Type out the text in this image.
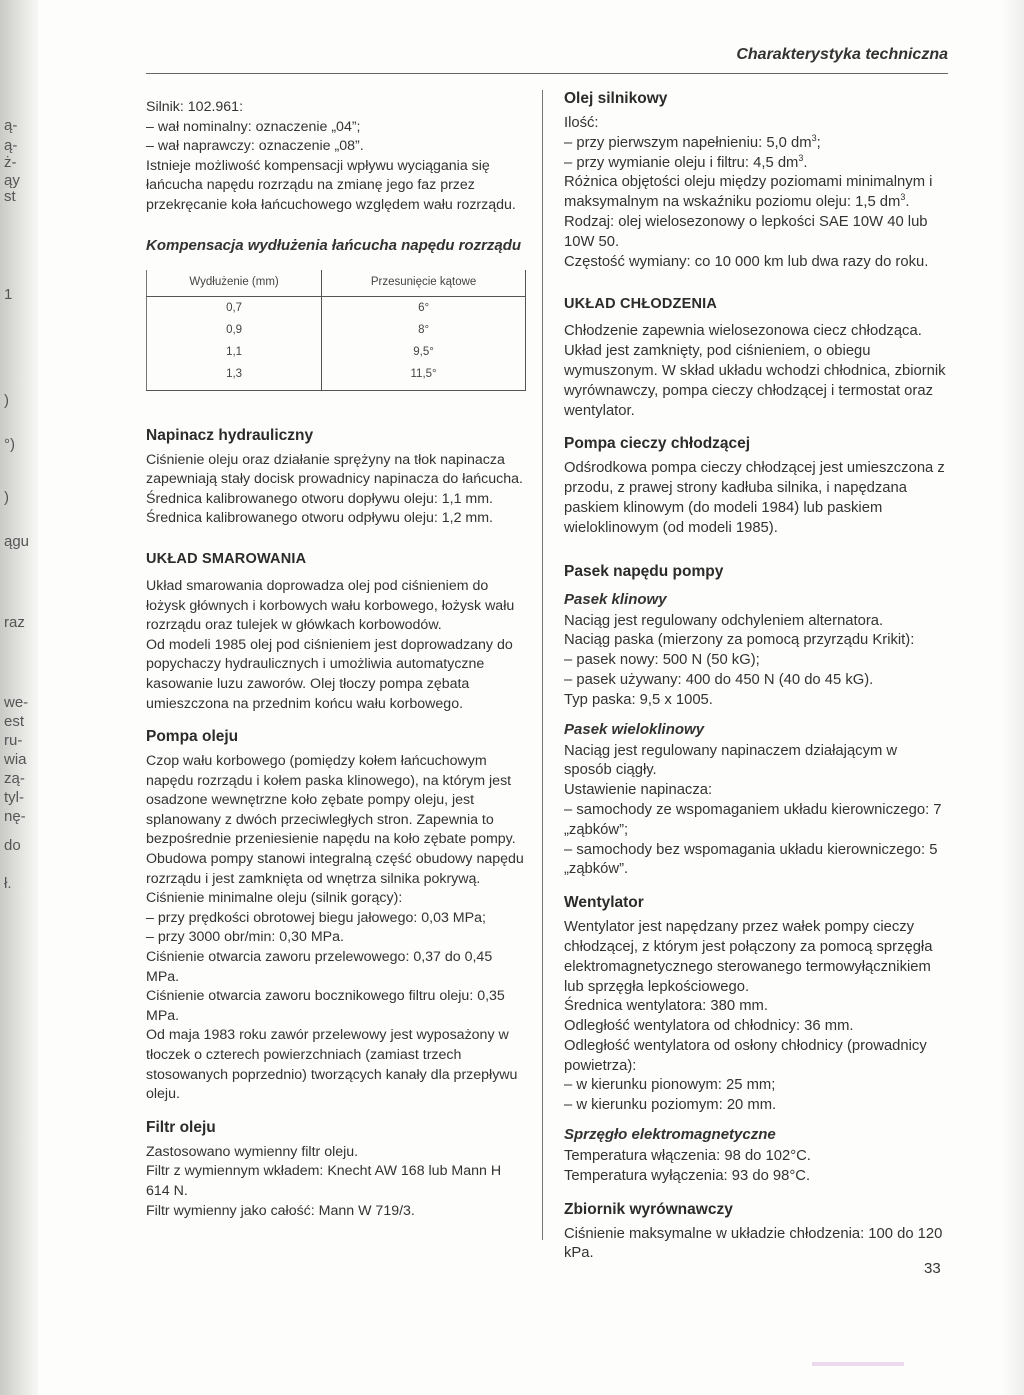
ą-
ą-
ż-
ąy
st
1
)
°)
)
ągu
raz
we-
est
ru-
wia
zą-
tyl-
nę-
do
ł.
Charakterystyka techniczna

Silnik: 102.961:

– wał nominalny: oznaczenie „04”;

– wał naprawczy: oznaczenie „08”.

Istnieje możliwość kompensacji wpływu wyciągania się łańcucha napędu rozrządu na zmianę jego faz przez przekręcanie koła łańcuchowego względem wału rozrządu.

Kompensacja wydłużenia łańcucha napędu rozrządu
Wydłużenie (mm)	Przesunięcie kątowe
0,7	6°
0,9	8°
1,1	9,5°
1,3	11,5°
Napinacz hydrauliczny

Ciśnienie oleju oraz działanie sprężyny na tłok napinacza zapewniają stały docisk prowadnicy napinacza do łańcucha.

Średnica kalibrowanego otworu dopływu oleju: 1,1 mm.

Średnica kalibrowanego otworu odpływu oleju: 1,2 mm.

UKŁAD SMAROWANIA

Układ smarowania doprowadza olej pod ciśnieniem do łożysk głównych i korbowych wału korbowego, łożysk wału rozrządu oraz tulejek w główkach korbowodów.

Od modeli 1985 olej pod ciśnieniem jest doprowadzany do popychaczy hydraulicznych i umożliwia automatyczne kasowanie luzu zaworów. Olej tłoczy pompa zębata umieszczona na przednim końcu wału korbowego.

Pompa oleju

Czop wału korbowego (pomiędzy kołem łańcuchowym napędu rozrządu i kołem paska klinowego), na którym jest osadzone wewnętrzne koło zębate pompy oleju, jest splanowany z dwóch przeciwległych stron. Zapewnia to bezpośrednie przeniesienie napędu na koło zębate pompy. Obudowa pompy stanowi integralną część obudowy napędu rozrządu i jest zamknięta od wnętrza silnika pokrywą.

Ciśnienie minimalne oleju (silnik gorący):

– przy prędkości obrotowej biegu jałowego: 0,03 MPa;

– przy 3000 obr/min: 0,30 MPa.

Ciśnienie otwarcia zaworu przelewowego: 0,37 do 0,45 MPa.

Ciśnienie otwarcia zaworu bocznikowego filtru oleju: 0,35 MPa.

Od maja 1983 roku zawór przelewowy jest wyposażony w tłoczek o czterech powierzchniach (zamiast trzech stosowanych poprzednio) tworzących kanały dla przepływu oleju.

Filtr oleju

Zastosowano wymienny filtr oleju.

Filtr z wymiennym wkładem: Knecht AW 168 lub Mann H 614 N.

Filtr wymienny jako całość: Mann W 719/3.

Olej silnikowy

Ilość:

– przy pierwszym napełnieniu: 5,0 $dm^3$;

– przy wymianie oleju i filtru: 4,5 $dm^3$.

Różnica objętości oleju między poziomami minimalnym i maksymalnym na wskaźniku poziomu oleju: 1,5 $dm^3$.

Rodzaj: olej wielosezonowy o lepkości SAE 10W 40 lub 10W 50.

Częstość wymiany: co 10 000 km lub dwa razy do roku.

UKŁAD CHŁODZENIA

Chłodzenie zapewnia wielosezonowa ciecz chłodząca. Układ jest zamknięty, pod ciśnieniem, o obiegu wymuszonym. W skład układu wchodzi chłodnica, zbiornik wyrównawczy, pompa cieczy chłodzącej i termostat oraz wentylator.

Pompa cieczy chłodzącej

Odśrodkowa pompa cieczy chłodzącej jest umieszczona z przodu, z prawej strony kadłuba silnika, i napędzana paskiem klinowym (do modeli 1984) lub paskiem wieloklinowym (od modeli 1985).

Pasek napędu pompy
Pasek klinowy

Naciąg jest regulowany odchyleniem alternatora.

Naciąg paska (mierzony za pomocą przyrządu Krikit):

– pasek nowy: 500 N (50 kG);

– pasek używany: 400 do 450 N (40 do 45 kG).

Typ paska: 9,5 x 1005.

Pasek wieloklinowy

Naciąg jest regulowany napinaczem działającym w sposób ciągły.

Ustawienie napinacza:

– samochody ze wspomaganiem układu kierowniczego: 7 „ząbków”;

– samochody bez wspomagania układu kierowniczego: 5 „ząbków”.

Wentylator

Wentylator jest napędzany przez wałek pompy cieczy chłodzącej, z którym jest połączony za pomocą sprzęgła elektromagnetycznego sterowanego termowyłącznikiem lub sprzęgła lepkościowego.

Średnica wentylatora: 380 mm.

Odległość wentylatora od chłodnicy: 36 mm.

Odległość wentylatora od osłony chłodnicy (prowadnicy powietrza):

– w kierunku pionowym: 25 mm;

– w kierunku poziomym: 20 mm.

Sprzęgło elektromagnetyczne

Temperatura włączenia: 98 do 102°C.

Temperatura wyłączenia: 93 do 98°C.

Zbiornik wyrównawczy

Ciśnienie maksymalne w układzie chłodzenia: 100 do 120 kPa.

33
